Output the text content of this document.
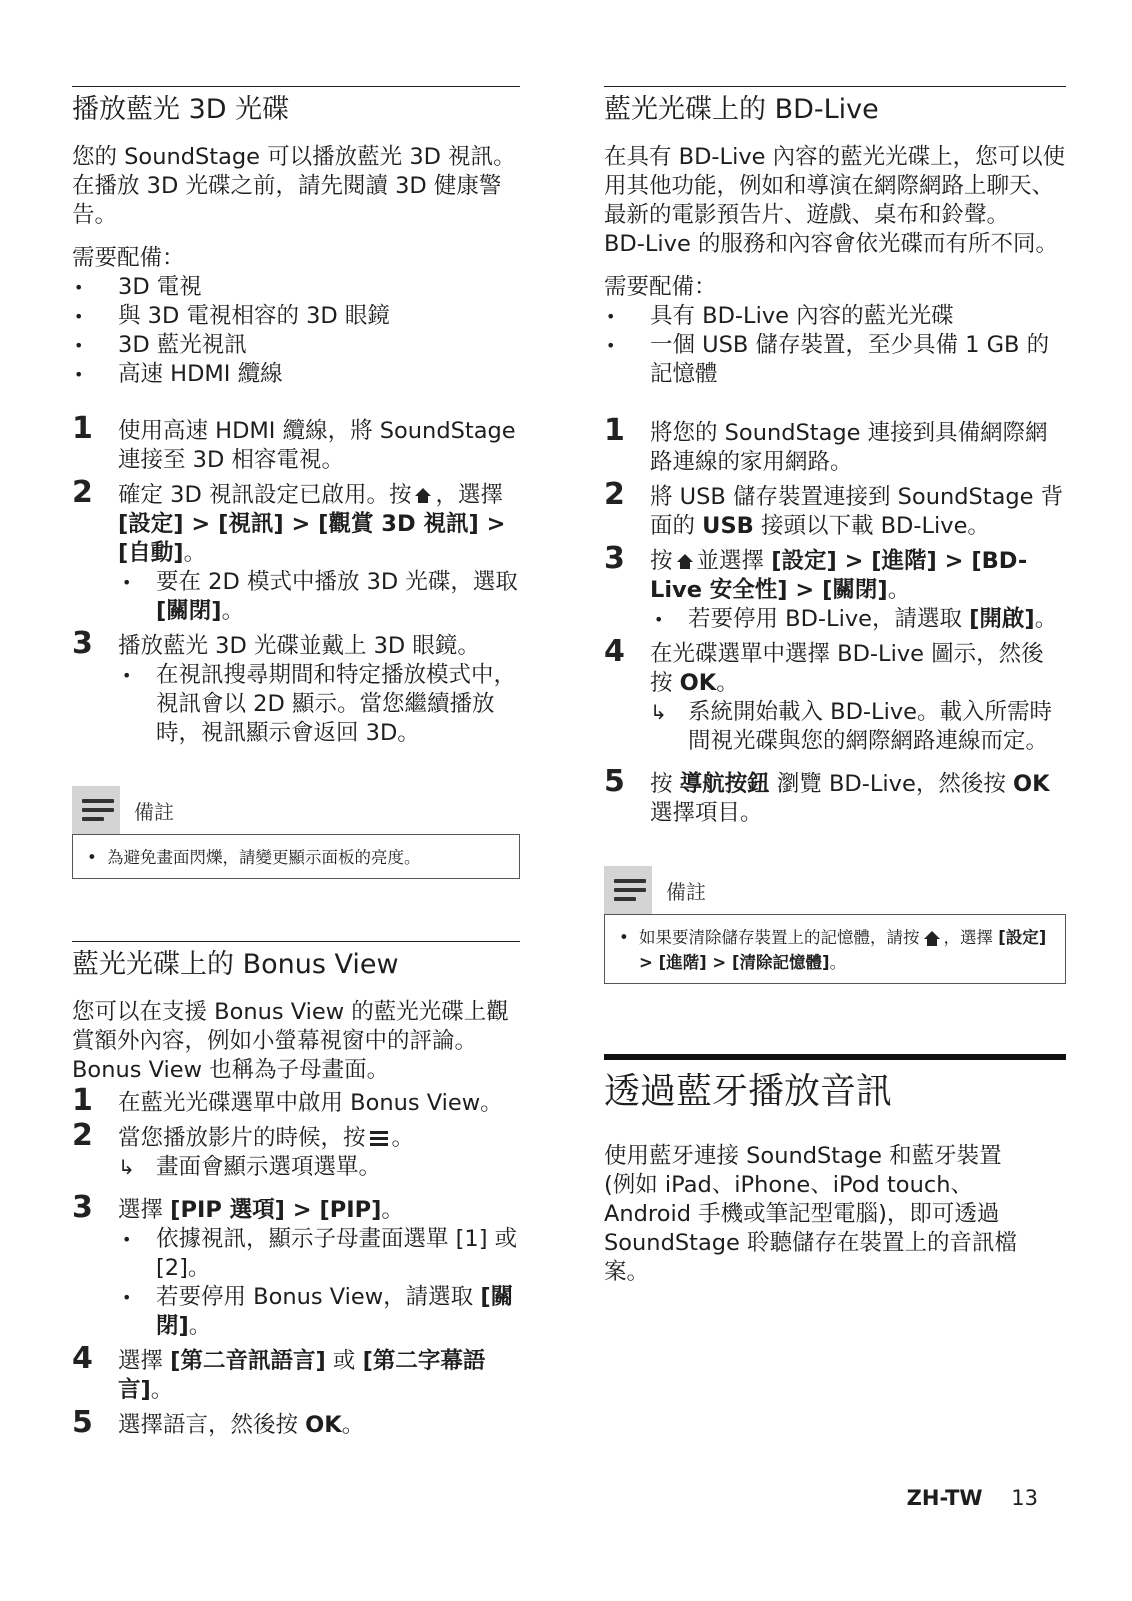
播放藍光 3D 光碟

您的 SoundStage 可以播放藍光 3D 視訊。在播放 3D 光碟之前，請先閱讀 3D 健康警告。

需要配備：

• 3D 電視
• 與 3D 電視相容的 3D 眼鏡
• 3D 藍光視訊
• 高速 HDMI 纜線
1 使用高速 HDMI 纜線，將 SoundStage 連接至 3D 相容電視。
2 確定 3D 視訊設定已啟用。按 ，選擇[設定] > [視訊] > [觀賞 3D 視訊] > [自動]。
• 要在 2D 模式中播放 3D 光碟，選取[關閉]。
3 播放藍光 3D 光碟並戴上 3D 眼鏡。
• 在視訊搜尋期間和特定播放模式中，視訊會以 2D 顯示。當您繼續播放時，視訊顯示會返回 3D。
備註
• 為避免畫面閃爍，請變更顯示面板的亮度。
藍光光碟上的 Bonus View

您可以在支援 Bonus View 的藍光光碟上觀賞額外內容，例如小螢幕視窗中的評論。Bonus View 也稱為子母畫面。

1 在藍光光碟選單中啟用 Bonus View。
2 當您播放影片的時候，按 。
↳ 畫面會顯示選項選單。
3 選擇 [PIP 選項] > [PIP]。
• 依據視訊，顯示子母畫面選單 [1] 或 [2]。
• 若要停用 Bonus View，請選取 [關閉]。
4 選擇 [第二音訊語言] 或 [第二字幕語言]。
5 選擇語言，然後按 OK。
藍光光碟上的 BD-Live

在具有 BD-Live 內容的藍光光碟上，您可以使用其他功能，例如和導演在網際網路上聊天、最新的電影預告片、遊戲、桌布和鈴聲。

BD-Live 的服務和內容會依光碟而有所不同。

需要配備：

• 具有 BD-Live 內容的藍光光碟
• 一個 USB 儲存裝置，至少具備 1 GB 的記憶體
1 將您的 SoundStage 連接到具備網際網路連線的家用網路。
2 將 USB 儲存裝置連接到 SoundStage 背面的 USB 接頭以下載 BD-Live。
3 按 並選擇 [設定] > [進階] > [BD-Live 安全性] > [關閉]。
• 若要停用 BD-Live，請選取 [開啟]。
4 在光碟選單中選擇 BD-Live 圖示，然後按 OK。
↳ 系統開始載入 BD-Live。載入所需時間視光碟與您的網際網路連線而定。
5 按 導航按鈕 瀏覽 BD-Live，然後按 OK 選擇項目。
備註
• 如果要清除儲存裝置上的記憶體，請按 ，選擇 [設定] > [進階] > [清除記憶體]。
透過藍牙播放音訊

使用藍牙連接 SoundStage 和藍牙裝置 (例如 iPad、iPhone、iPod touch、Android 手機或筆記型電腦)，即可透過 SoundStage 聆聽儲存在裝置上的音訊檔案。

ZH-TW 13
